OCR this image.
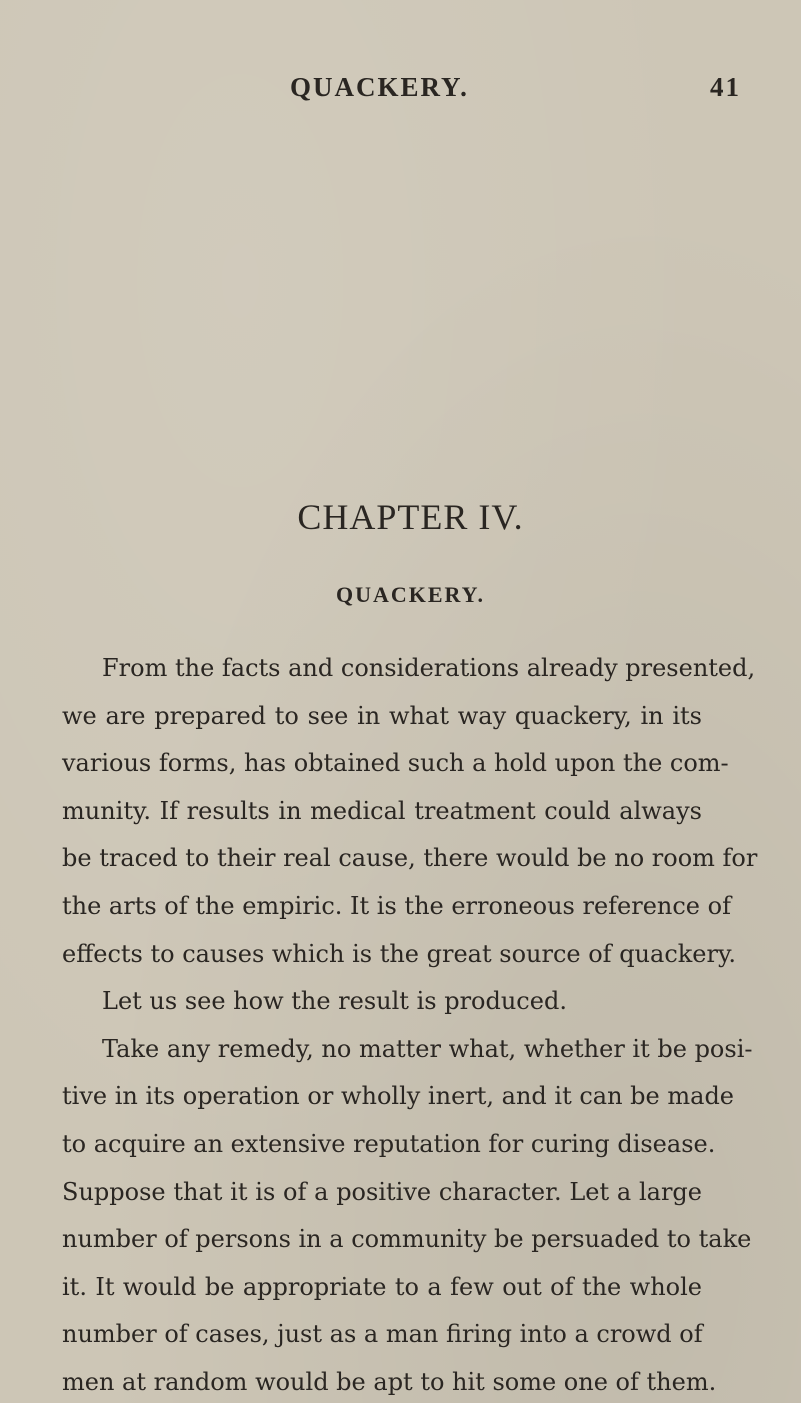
QUACKERY.	41
CHAPTER IV.
QUACKERY.
From the facts and considerations already presented,
we are prepared to see in what way quackery, in its
various forms, has obtained such a hold upon the com-
munity. If results in medical treatment could always
be traced to their real cause, there would be no room for
the arts of the empiric. It is the erroneous reference of
effects to causes which is the great source of quackery.
Let us see how the result is produced.
Take any remedy, no matter what, whether it be posi-
tive in its operation or wholly inert, and it can be made
to acquire an extensive reputation for curing disease.
Suppose that it is of a positive character. Let a large
number of persons in a community be persuaded to take
it. It would be appropriate to a few out of the whole
number of cases, just as a man firing into a crowd of
men at random would be apt to hit some one of them.
